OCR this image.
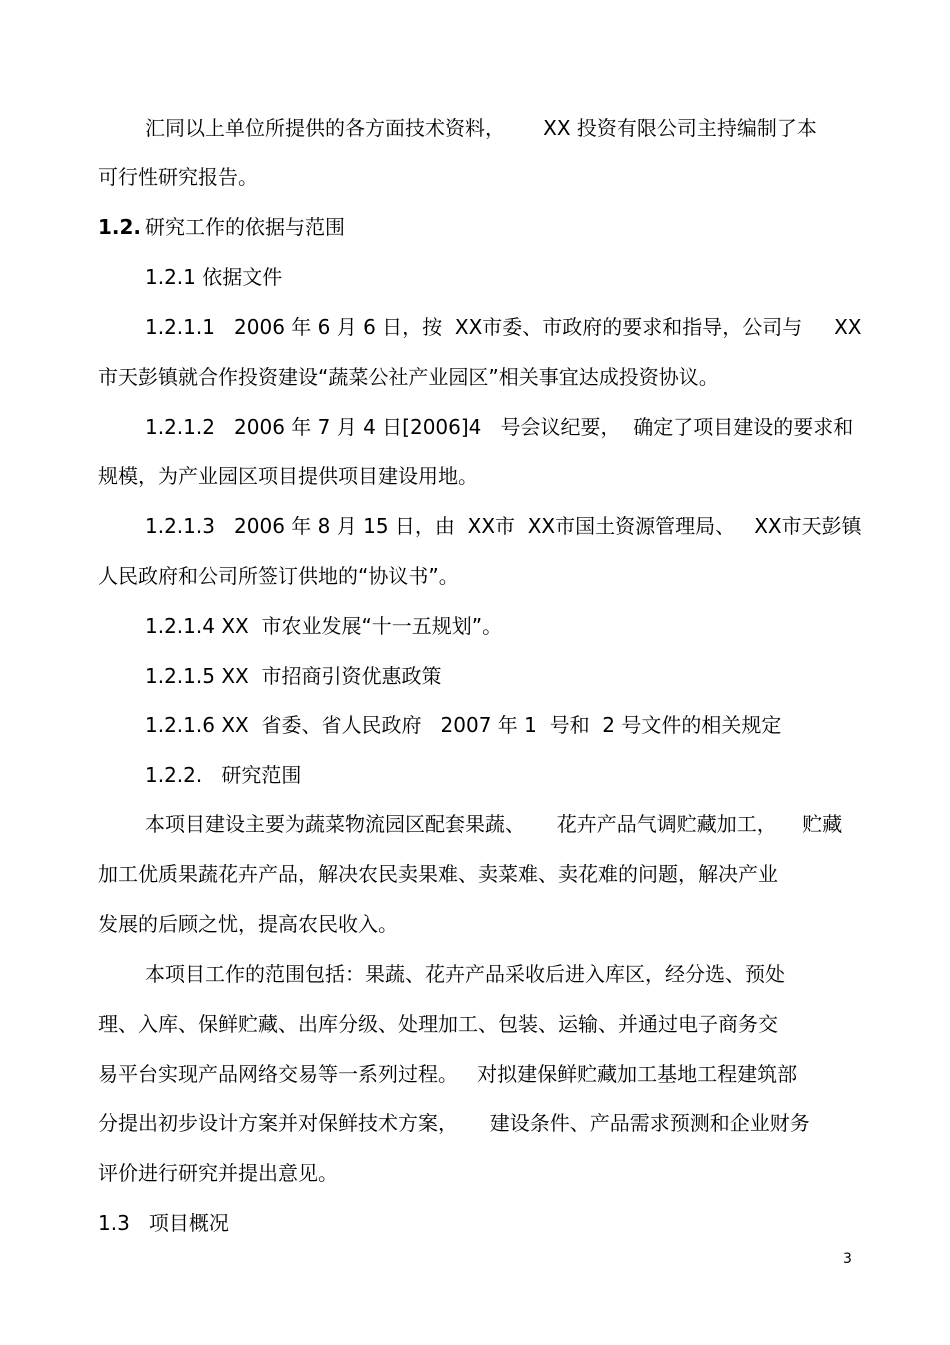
汇同以上单位所提供的各方面技术资料，      XX 投资有限公司主持编制了本
可行性研究报告。
1.2. 研究工作的依据与范围
1.2.1 依据文件
1.2.1.1   2006 年 6 月 6 日，按  XX市委、市政府的要求和指导，公司与     XX
市天彭镇就合作投资建设“蔬菜公社产业园区”相关事宜达成投资协议。
1.2.1.2   2006 年 7 月 4 日[2006]4   号会议纪要，  确定了项目建设的要求和
规模，为产业园区项目提供项目建设用地。
1.2.1.3   2006 年 8 月 15 日，由  XX市  XX市国土资源管理局、   XX市天彭镇
人民政府和公司所签订供地的“协议书”。
1.2.1.4 XX  市农业发展“十一五规划”。
1.2.1.5 XX  市招商引资优惠政策
1.2.1.6 XX  省委、省人民政府   2007 年 1  号和  2 号文件的相关规定
1.2.2.   研究范围
本项目建设主要为蔬菜物流园区配套果蔬、     花卉产品气调贮藏加工，    贮藏
加工优质果蔬花卉产品，解决农民卖果难、卖菜难、卖花难的问题，解决产业
发展的后顾之忧，提高农民收入。
本项目工作的范围包括：果蔬、花卉产品采收后进入库区，经分选、预处
理、入库、保鲜贮藏、出库分级、处理加工、包装、运输、并通过电子商务交
易平台实现产品网络交易等一系列过程。   对拟建保鲜贮藏加工基地工程建筑部
分提出初步设计方案并对保鲜技术方案，     建设条件、产品需求预测和企业财务
评价进行研究并提出意见。
1.3   项目概况
3
